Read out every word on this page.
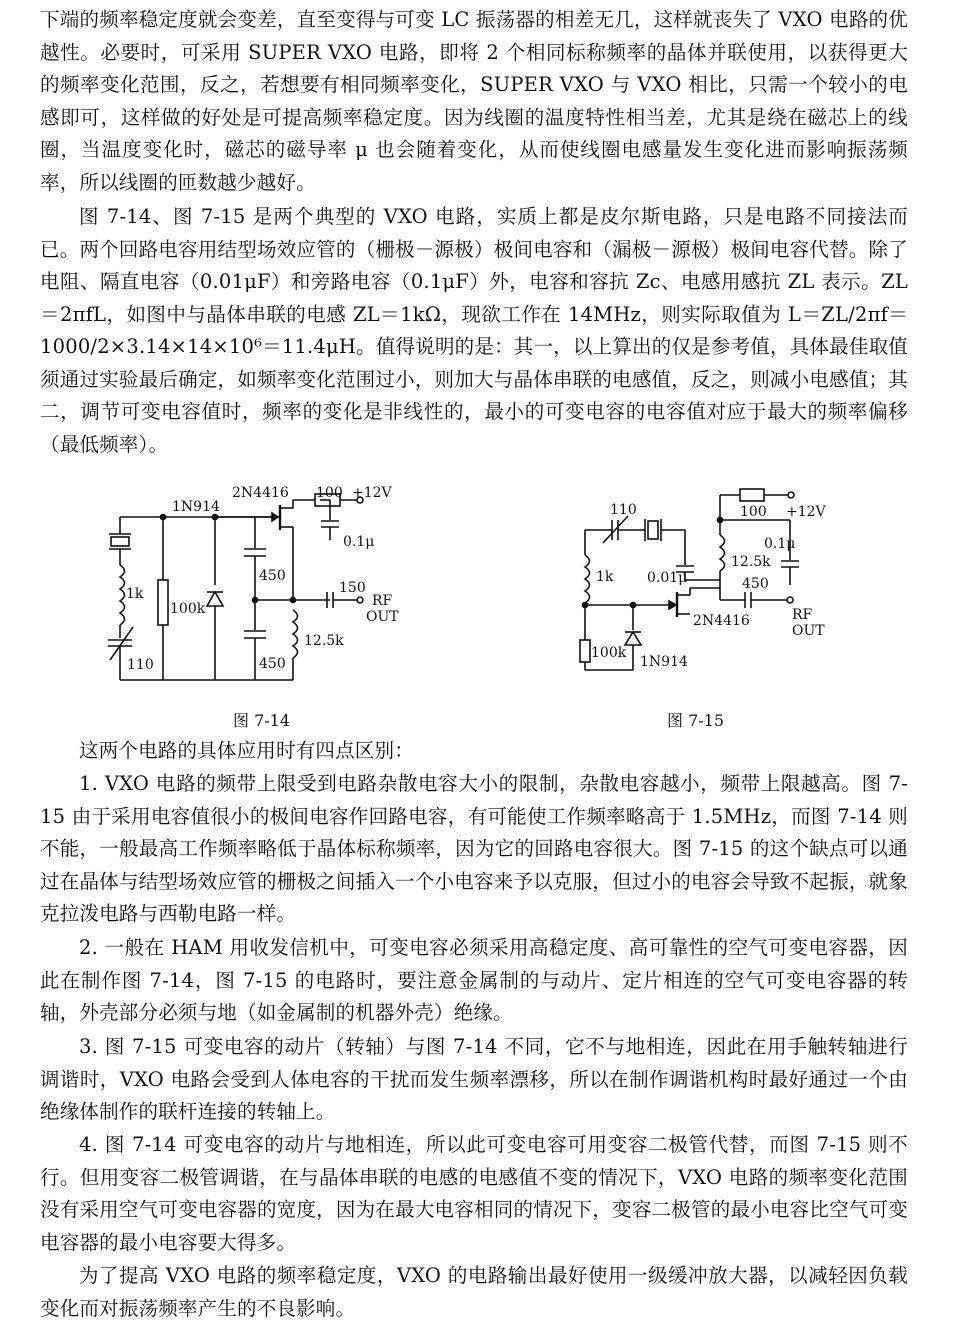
下端的频率稳定度就会变差，直至变得与可变 LC 振荡器的相差无几，这样就丧失了 VXO 电路的优越性。必要时，可采用 SUPER VXO 电路，即将 2 个相同标称频率的晶体并联使用，以获得更大的频率变化范围，反之，若想要有相同频率变化，SUPER VXO 与 VXO 相比，只需一个较小的电感即可，这样做的好处是可提高频率稳定度。因为线圈的温度特性相当差，尤其是绕在磁芯上的线圈，当温度变化时，磁芯的磁导率 μ 也会随着变化，从而使线圈电感量发生变化进而影响振荡频率，所以线圈的匝数越少越好。

图 7-14、图 7-15 是两个典型的 VXO 电路，实质上都是皮尔斯电路，只是电路不同接法而已。两个回路电容用结型场效应管的（栅极－源极）极间电容和（漏极－源极）极间电容代替。除了电阻、隔直电容（0.01μF）和旁路电容（0.1μF）外，电容和容抗 Zc、电感用感抗 ZL 表示。ZL＝2πfL，如图中与晶体串联的电感 ZL＝1kΩ，现欲工作在 14MHz，则实际取值为 L＝ZL/2πf＝1000/2×3.14×14×10⁶＝11.4μH。值得说明的是：其一，以上算出的仅是参考值，具体最佳取值须通过实验最后确定，如频率变化范围过小，则加大与晶体串联的电感值，反之，则减小电感值；其二，调节可变电容值时，频率的变化是非线性的，最小的可变电容的电容值对应于最大的频率偏移（最低频率）。

1N914
2N4416 100 +12V
0.1μ
450
150
RF
OUT
1k
100k
12.5k
450
110
图 7-14
110	100 +12V
0.1μ
12.5k
1k 0.01μ	450
RF
OUT
2N4416
100k
1N914
图 7-15

这两个电路的具体应用时有四点区别：

1. VXO 电路的频带上限受到电路杂散电容大小的限制，杂散电容越小，频带上限越高。图 7-15 由于采用电容值很小的极间电容作回路电容，有可能使工作频率略高于 1.5MHz，而图 7-14 则不能，一般最高工作频率略低于晶体标称频率，因为它的回路电容很大。图 7-15 的这个缺点可以通过在晶体与结型场效应管的栅极之间插入一个小电容来予以克服，但过小的电容会导致不起振，就象克拉泼电路与西勒电路一样。

2. 一般在 HAM 用收发信机中，可变电容必须采用高稳定度、高可靠性的空气可变电容器，因此在制作图 7-14，图 7-15 的电路时，要注意金属制的与动片、定片相连的空气可变电容器的转轴，外壳部分必须与地（如金属制的机器外壳）绝缘。

3. 图 7-15 可变电容的动片（转轴）与图 7-14 不同，它不与地相连，因此在用手触转轴进行调谐时，VXO 电路会受到人体电容的干扰而发生频率漂移，所以在制作调谐机构时最好通过一个由绝缘体制作的联杆连接的转轴上。

4. 图 7-14 可变电容的动片与地相连，所以此可变电容可用变容二极管代替，而图 7-15 则不行。但用变容二极管调谐，在与晶体串联的电感的电感值不变的情况下，VXO 电路的频率变化范围没有采用空气可变电容器的宽度，因为在最大电容相同的情况下，变容二极管的最小电容比空气可变电容器的最小电容要大得多。

为了提高 VXO 电路的频率稳定度，VXO 的电路输出最好使用一级缓冲放大器，以减轻因负载变化而对振荡频率产生的不良影响。
